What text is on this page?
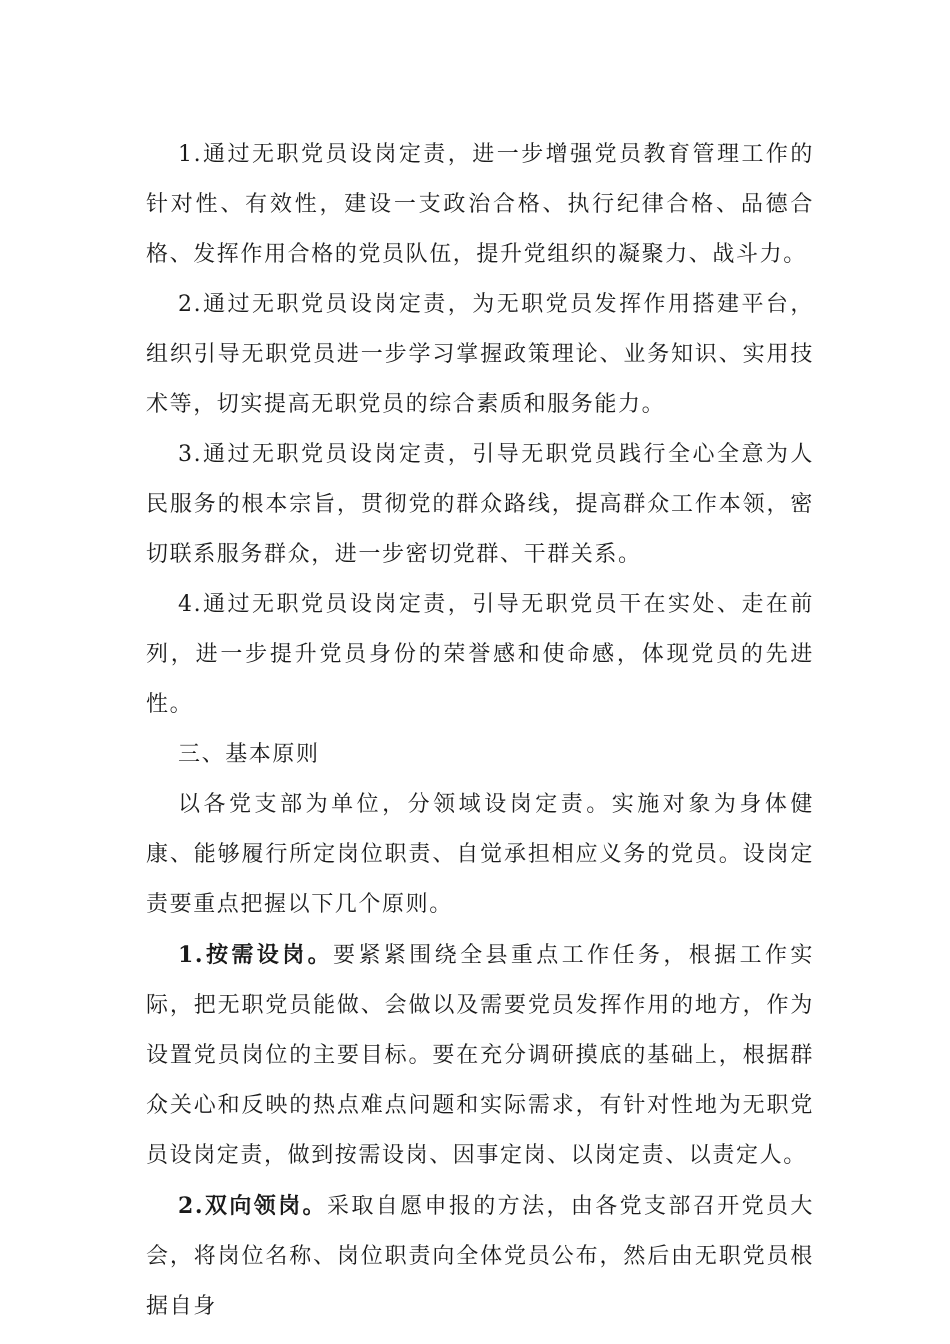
1.通过无职党员设岗定责，进一步增强党员教育管理工作的针对性、有效性，建设一支政治合格、执行纪律合格、品德合格、发挥作用合格的党员队伍，提升党组织的凝聚力、战斗力。

2.通过无职党员设岗定责，为无职党员发挥作用搭建平台，组织引导无职党员进一步学习掌握政策理论、业务知识、实用技术等，切实提高无职党员的综合素质和服务能力。

3.通过无职党员设岗定责，引导无职党员践行全心全意为人民服务的根本宗旨，贯彻党的群众路线，提高群众工作本领，密切联系服务群众，进一步密切党群、干群关系。

4.通过无职党员设岗定责，引导无职党员干在实处、走在前列，进一步提升党员身份的荣誉感和使命感，体现党员的先进性。

三、基本原则

以各党支部为单位，分领域设岗定责。实施对象为身体健康、能够履行所定岗位职责、自觉承担相应义务的党员。设岗定责要重点把握以下几个原则。

1.按需设岗。要紧紧围绕全县重点工作任务，根据工作实际，把无职党员能做、会做以及需要党员发挥作用的地方，作为设置党员岗位的主要目标。要在充分调研摸底的基础上，根据群众关心和反映的热点难点问题和实际需求，有针对性地为无职党员设岗定责，做到按需设岗、因事定岗、以岗定责、以责定人。

2.双向领岗。采取自愿申报的方法，由各党支部召开党员大会，将岗位名称、岗位职责向全体党员公布，然后由无职党员根据自身
